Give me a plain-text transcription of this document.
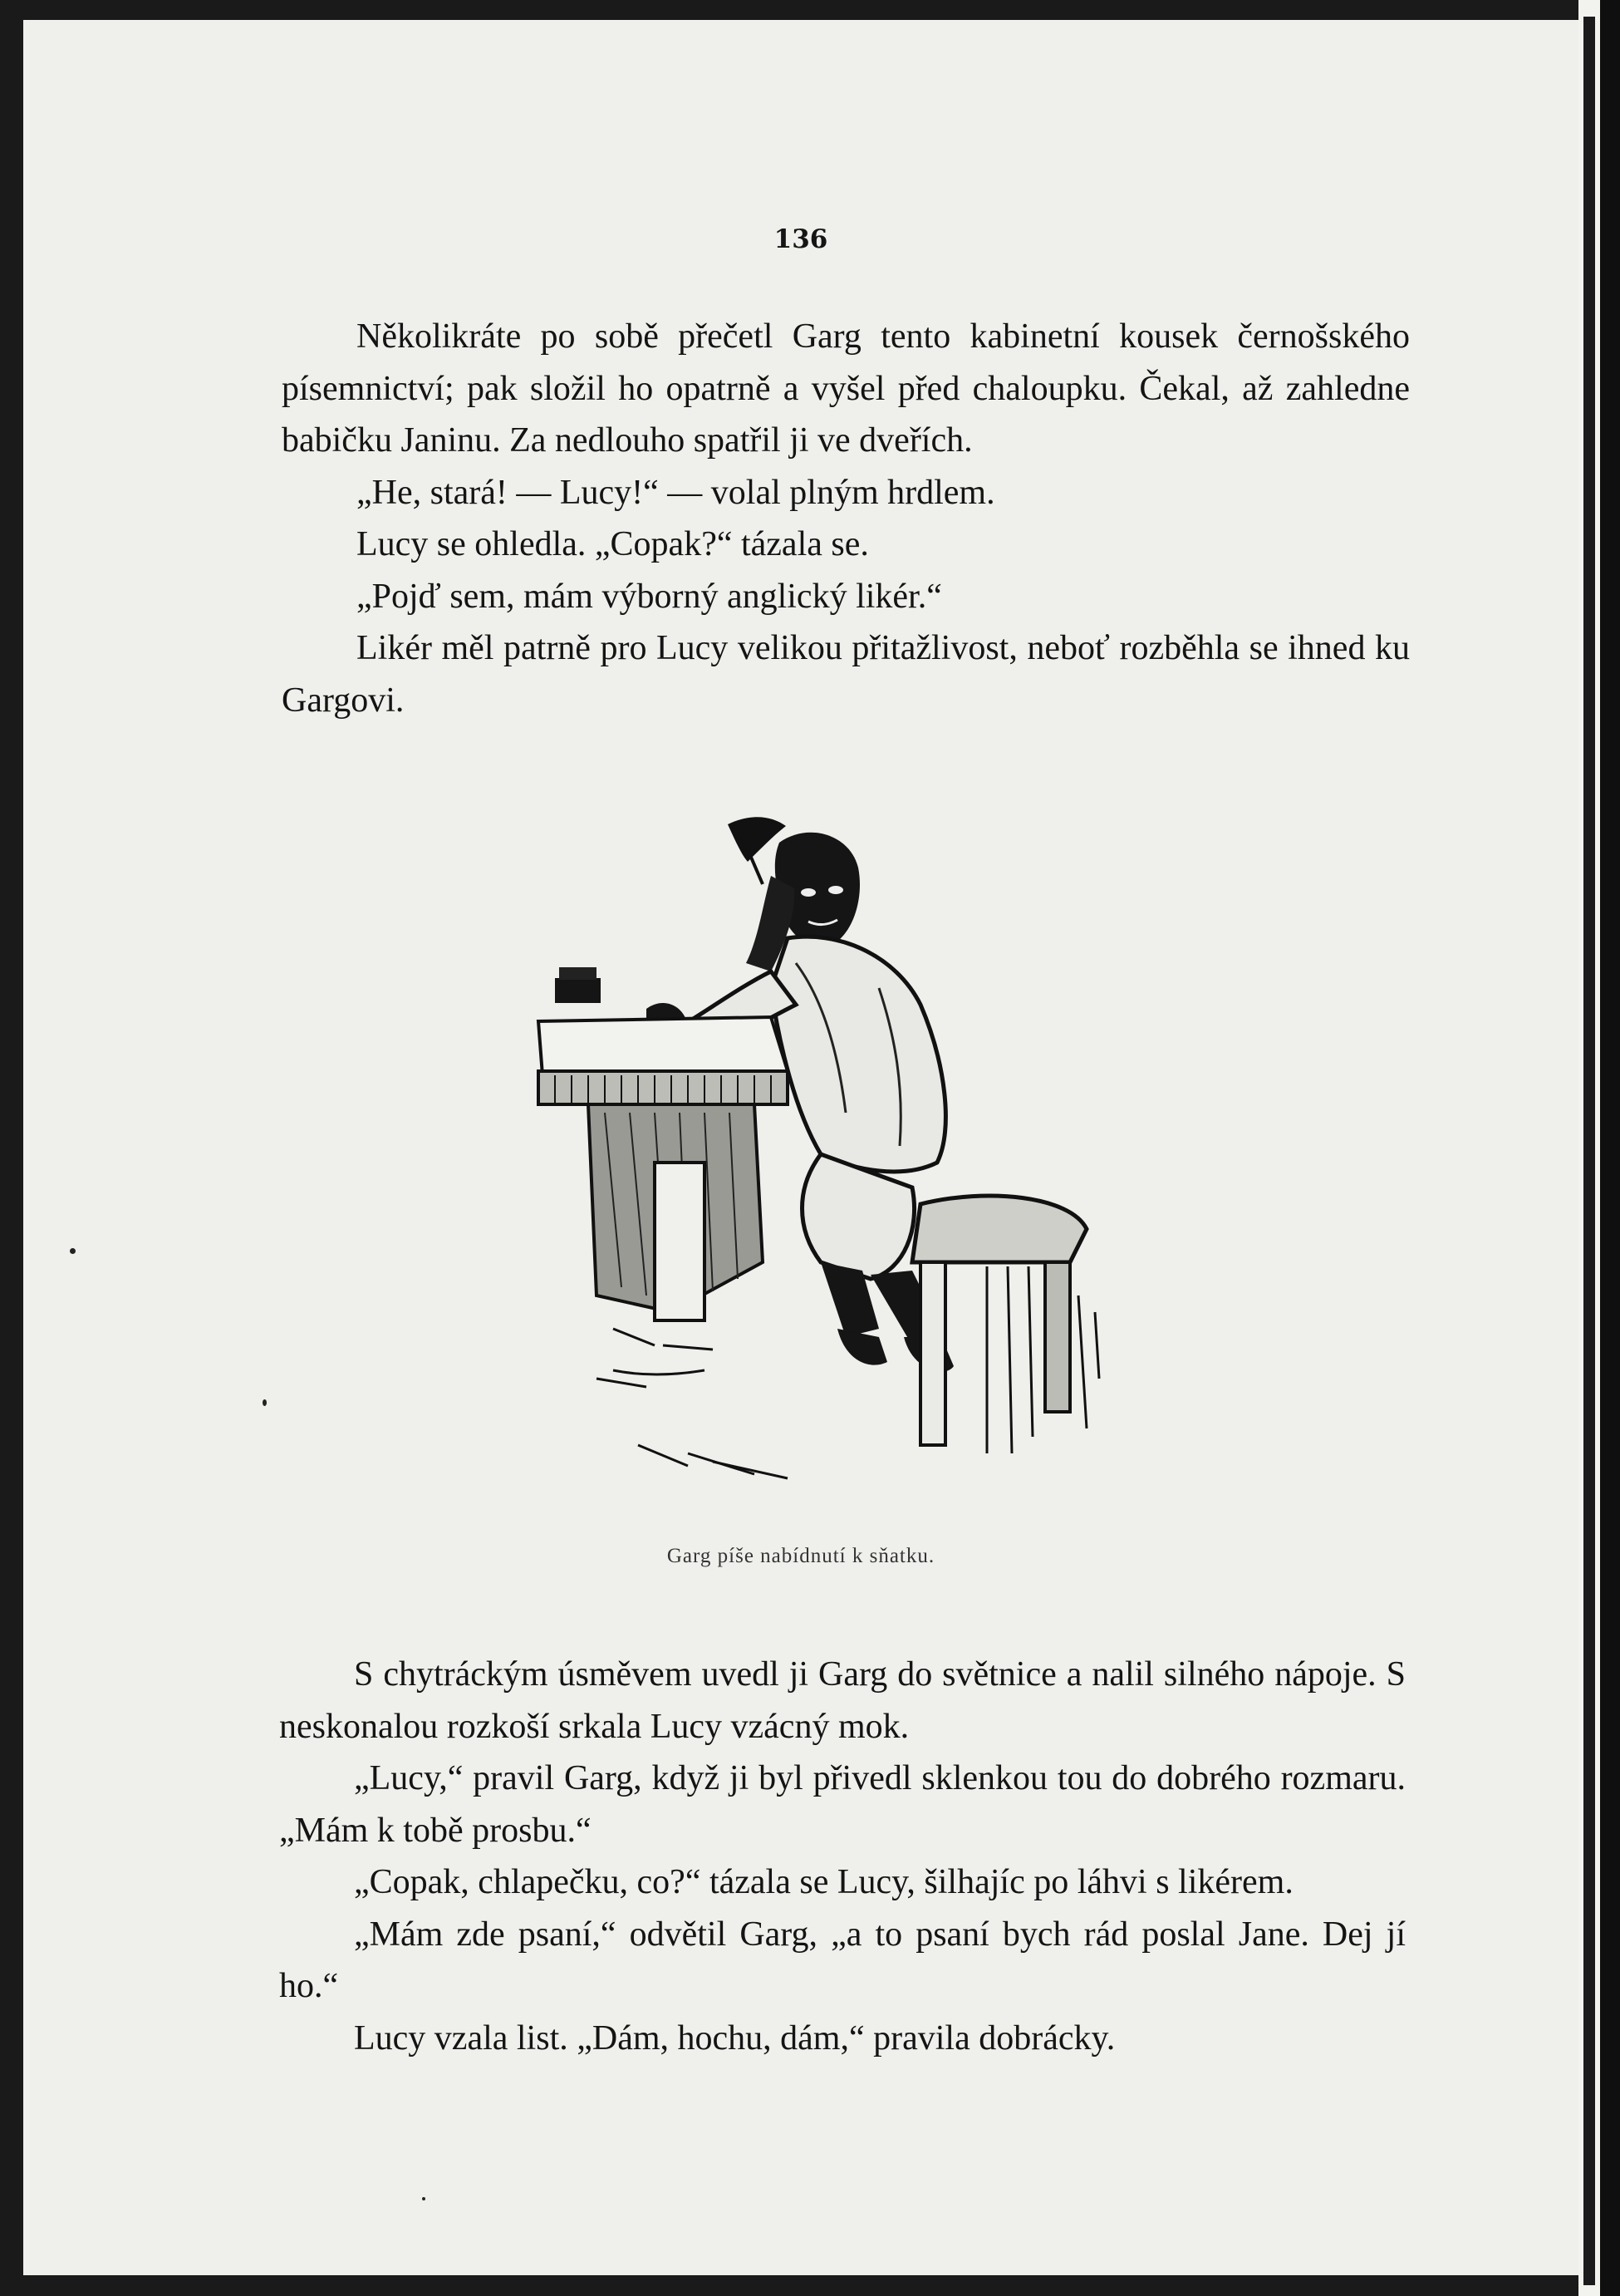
136

Několikráte po sobě přečetl Garg tento kabinetní kousek černošského písemnictví; pak složil ho opatrně a vyšel před chaloupku. Čekal, až zahledne babičku Janinu. Za nedlouho spatřil ji ve dveřích.

„He, stará! — Lucy!“ — volal plným hrdlem.

Lucy se ohledla. „Copak?“ tázala se.

„Pojď sem, mám výborný anglický likér.“

Likér měl patrně pro Lucy velikou přitažlivost, neboť rozběhla se ihned ku Gargovi.

Garg píše nabídnutí k sňatku.

S chytráckým úsměvem uvedl ji Garg do světnice a nalil silného nápoje. S neskonalou rozkoší srkala Lucy vzácný mok.

„Lucy,“ pravil Garg, když ji byl přivedl sklenkou tou do dobrého rozmaru. „Mám k tobě prosbu.“

„Copak, chlapečku, co?“ tázala se Lucy, šilhajíc po láhvi s likérem.

„Mám zde psaní,“ odvětil Garg, „a to psaní bych rád poslal Jane. Dej jí ho.“

Lucy vzala list. „Dám, hochu, dám,“ pravila dobrácky.
